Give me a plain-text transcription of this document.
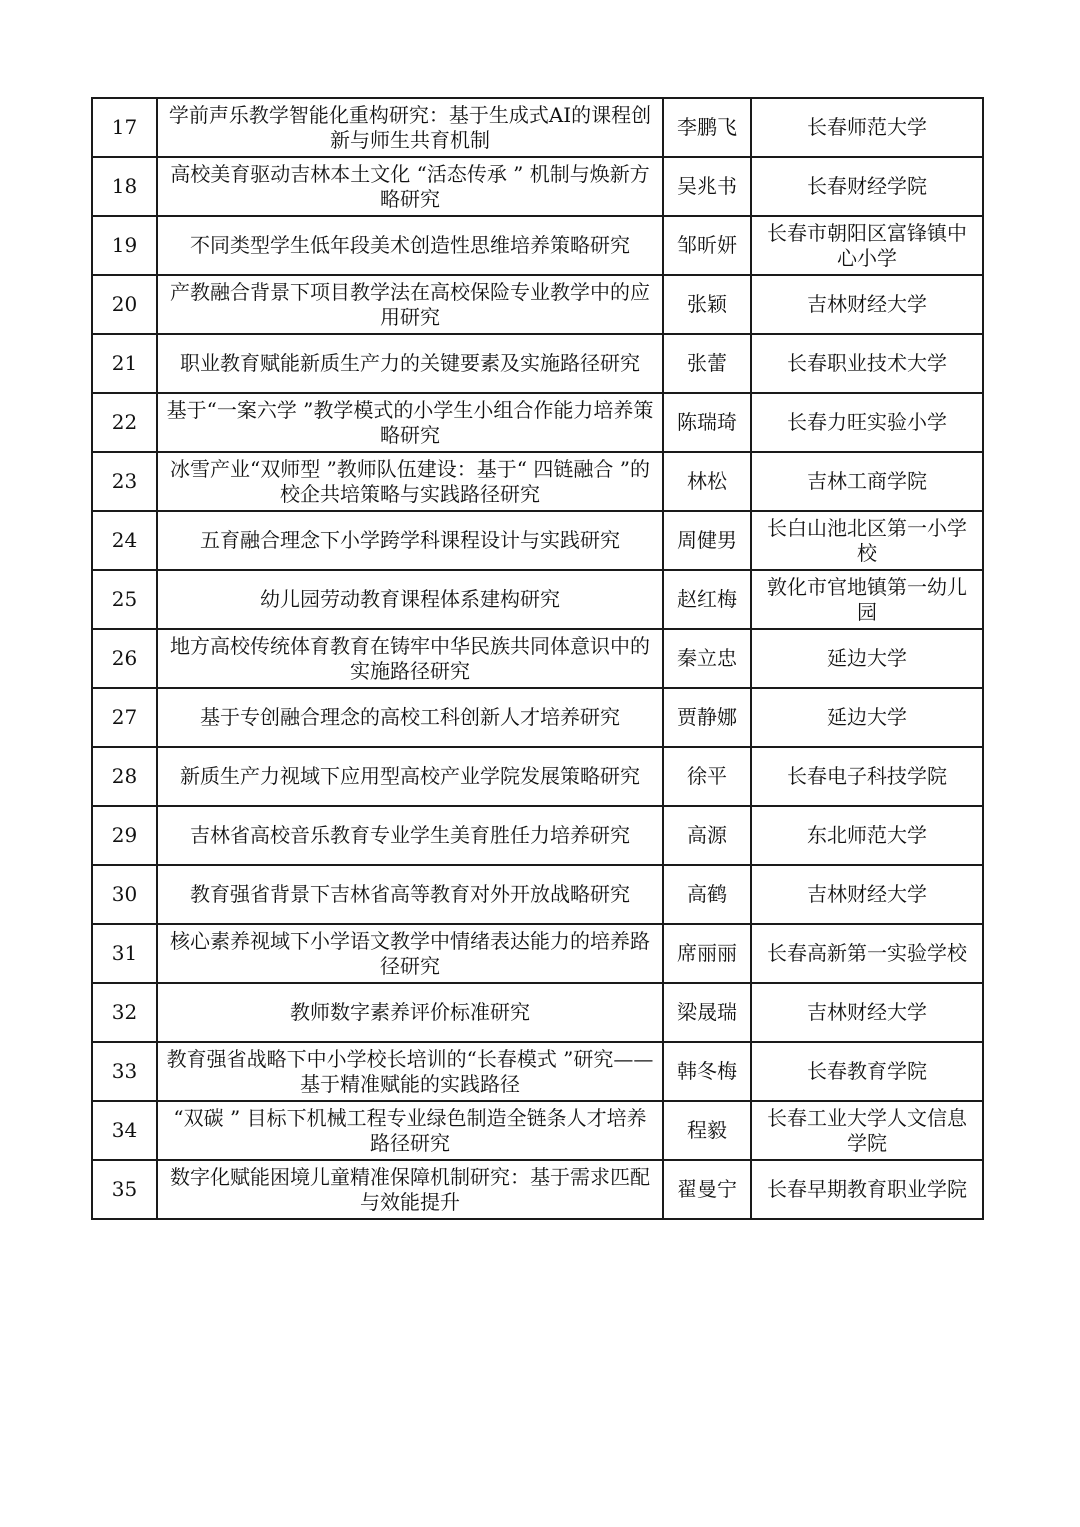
17	学前声乐教学智能化重构研究：基于生成式AI的课程创新与师生共育机制	李鹏飞	长春师范大学
18	高校美育驱动吉林本土文化 “活态传承 ” 机制与焕新方略研究	吴兆书	长春财经学院
19	不同类型学生低年段美术创造性思维培养策略研究	邹昕妍	长春市朝阳区富锋镇中心小学
20	产教融合背景下项目教学法在高校保险专业教学中的应用研究	张颖	吉林财经大学
21	职业教育赋能新质生产力的关键要素及实施路径研究	张蕾	长春职业技术大学
22	基于“一案六学 ”教学模式的小学生小组合作能力培养策略研究	陈瑞琦	长春力旺实验小学
23	冰雪产业“双师型 ”教师队伍建设：基于“ 四链融合 ”的校企共培策略与实践路径研究	林松	吉林工商学院
24	五育融合理念下小学跨学科课程设计与实践研究	周健男	长白山池北区第一小学校
25	幼儿园劳动教育课程体系建构研究	赵红梅	敦化市官地镇第一幼儿园
26	地方高校传统体育教育在铸牢中华民族共同体意识中的实施路径研究	秦立忠	延边大学
27	基于专创融合理念的高校工科创新人才培养研究	贾静娜	延边大学
28	新质生产力视域下应用型高校产业学院发展策略研究	徐平	长春电子科技学院
29	吉林省高校音乐教育专业学生美育胜任力培养研究	高源	东北师范大学
30	教育强省背景下吉林省高等教育对外开放战略研究	高鹤	吉林财经大学
31	核心素养视域下小学语文教学中情绪表达能力的培养路径研究	席丽丽	长春高新第一实验学校
32	教师数字素养评价标准研究	梁晟瑞	吉林财经大学
33	教育强省战略下中小学校长培训的“长春模式 ”研究——基于精准赋能的实践路径	韩冬梅	长春教育学院
34	“双碳 ” 目标下机械工程专业绿色制造全链条人才培养路径研究	程毅	长春工业大学人文信息学院
35	数字化赋能困境儿童精准保障机制研究：基于需求匹配与效能提升	翟曼宁	长春早期教育职业学院
